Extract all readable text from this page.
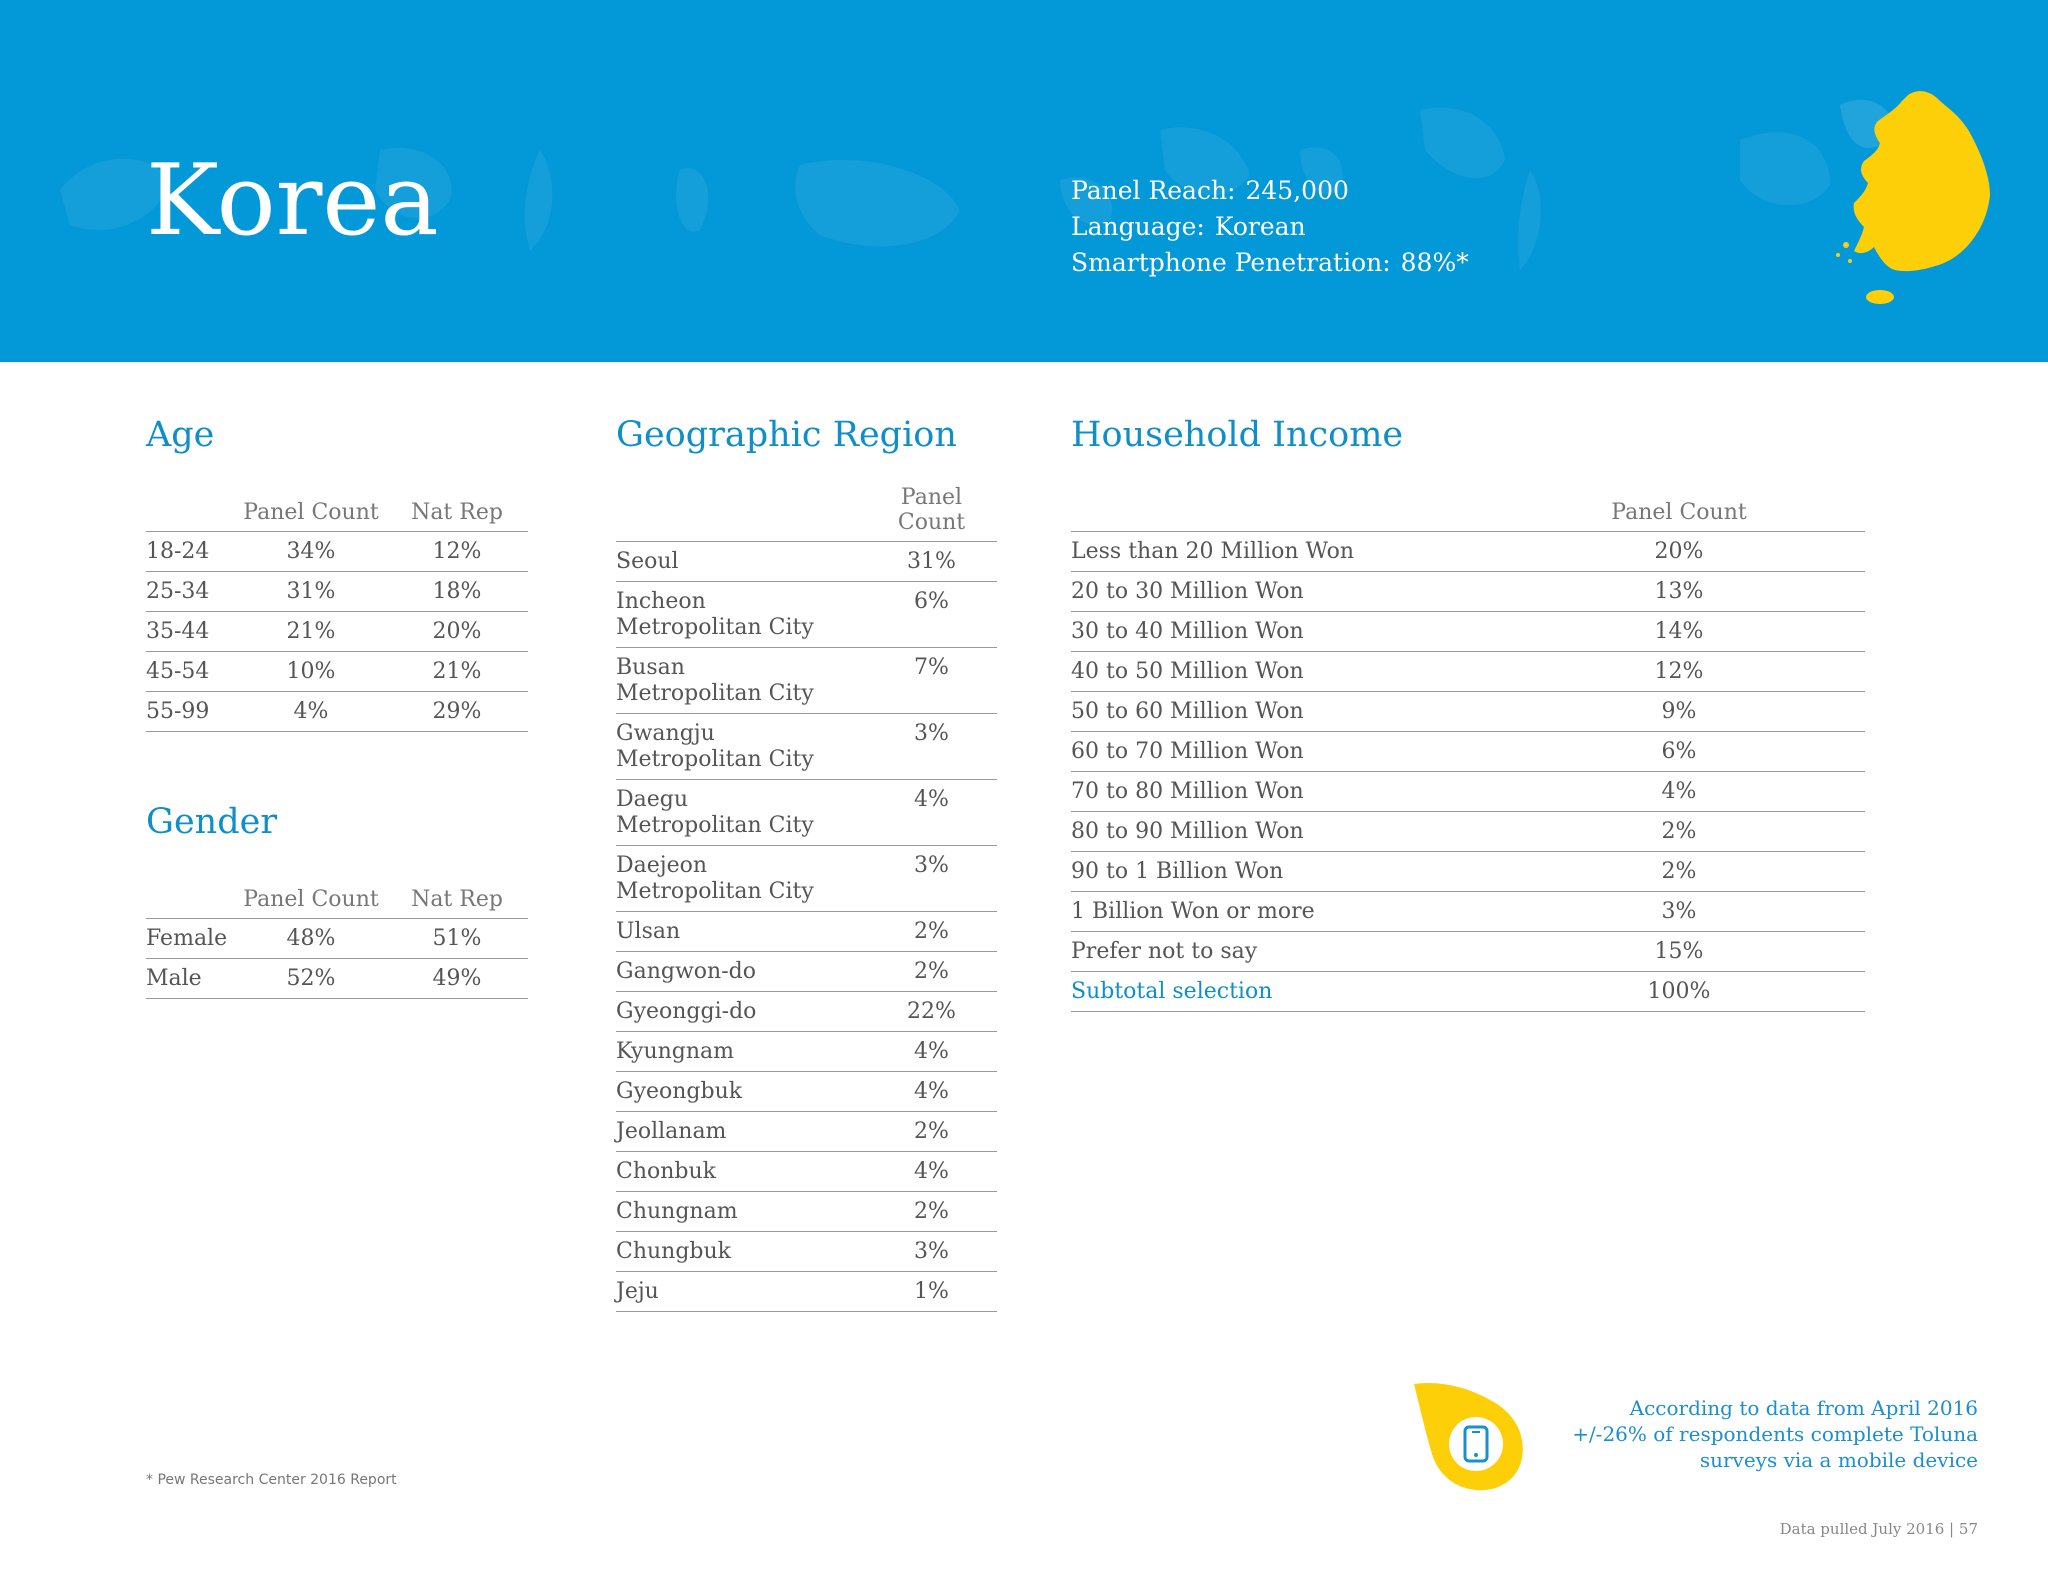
Korea	Panel Reach: 245,000
Language: Korean
Smartphone Penetration: 88%*
Age
	Panel Count	Nat Rep
18-24	34%	12%
25-34	31%	18%
35-44	21%	20%
45-54	10%	21%
55-99	4%	29%
Gender
	Panel Count	Nat Rep
Female	48%	51%
Male	52%	49%
Geographic Region
	Panel Count

Seoul	31%

Incheon
Metropolitan City	6%

Busan
Metropolitan City	7%

Gwangju
Metropolitan City	3%

Daegu
Metropolitan City	4%

Daejeon
Metropolitan City	3%
Ulsan	2%
Gangwon-do	2%
Gyeonggi-do	22%
Kyungnam	4%
Gyeongbuk	4%
Jeollanam	2%
Chonbuk	4%
Chungnam	2%
Chungbuk	3%
Jeju	1%
Household Income
	Panel Count	
Less than 20 Million Won	20%	
20 to 30 Million Won	13%	
30 to 40 Million Won	14%	
40 to 50 Million Won	12%	
50 to 60 Million Won	9%	
60 to 70 Million Won	6%	
70 to 80 Million Won	4%	
80 to 90 Million Won	2%	
90 to 1 Billion Won	2%	
1 Billion Won or more	3%	
Prefer not to say	15%	
Subtotal selection	100%	
* Pew Research Center 2016 Report
According to data from April 2016
+/-26% of respondents complete Toluna
surveys via a mobile device
Data pulled July 2016 | 57
